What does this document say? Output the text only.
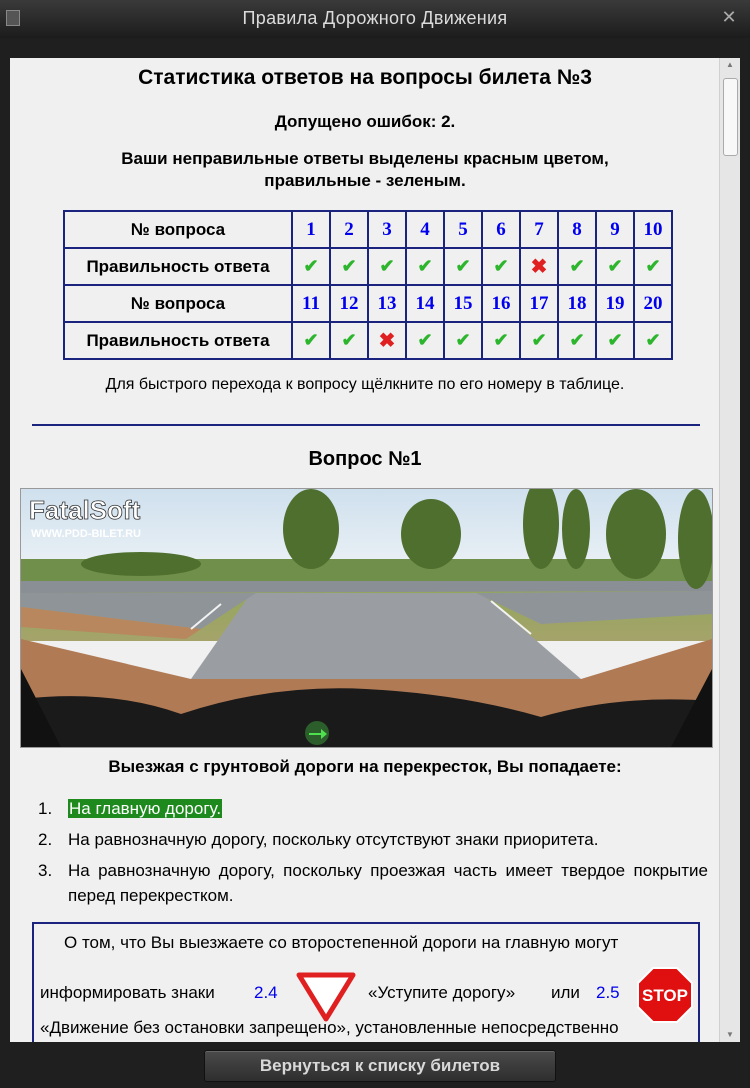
Правила Дорожного Движения	✕
Статистика ответов на вопросы билета №3
Допущено ошибок: 2.
Ваши неправильные ответы выделены красным цветом,
правильные - зеленым.
№ вопроса	1	2	3	4	5	6	7	8	9	10
Правильность ответа	✔	✔	✔	✔	✔	✔	✖	✔	✔	✔
№ вопроса	11	12	13	14	15	16	17	18	19	20
Правильность ответа	✔	✔	✖	✔	✔	✔	✔	✔	✔	✔
Для быстрого перехода к вопросу щёлкните по его номеру в таблице.
Вопрос №1
FatalSoft
WWW.PDD-BILET.RU
Выезжая с грунтовой дороги на перекресток, Вы попадаете:
1. На главную дорогу.
2. На равнозначную дорогу, поскольку отсутствуют знаки приоритета.
3. На равнозначную дорогу, поскольку проезжая часть имеет твердое покрытие перед перекрестком.
О том, что Вы выезжаете со второстепенной дороги на главную могут
информировать знаки 2.4	«Уступите дорогу» или 2.5 STOP
«Движение без остановки запрещено», установленные непосредственно
▲
▼
Вернуться к списку билетов
